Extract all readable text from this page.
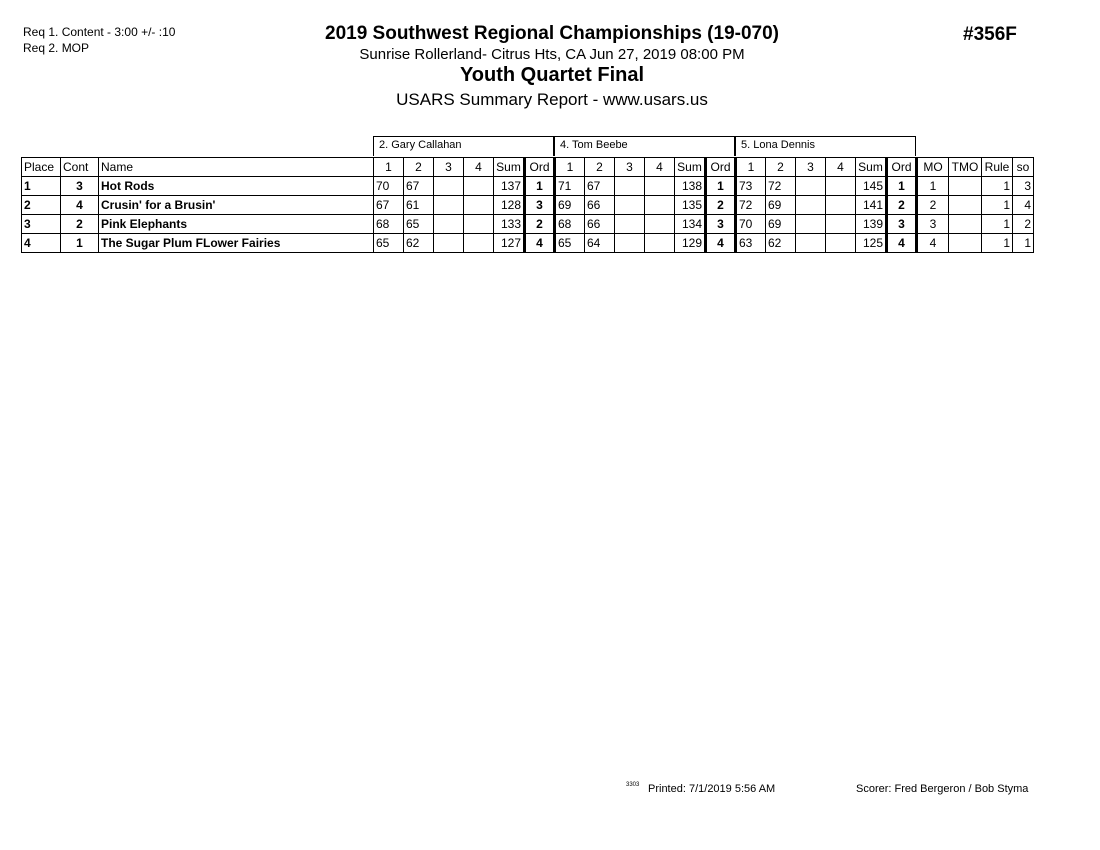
Req 1. Content - 3:00 +/- :10
Req 2. MOP
2019 Southwest Regional Championships (19-070)
Sunrise Rollerland- Citrus Hts, CA Jun 27, 2019 08:00 PM
Youth Quartet Final
USARS Summary Report - www.usars.us
#356F
2. Gary Callahan	4. Tom Beebe	5. Lona Dennis
Place	Cont	Name	1	2	3	4	Sum	Ord	1	2	3	4	Sum	Ord	1	2	3	4	Sum	Ord	MO	TMO	Rule	so
1	3	Hot Rods	70	67			137	1	71	67			138	1	73	72			145	1	1		1	3
2	4	Crusin' for a Brusin'	67	61			128	3	69	66			135	2	72	69			141	2	2		1	4
3	2	Pink Elephants	68	65			133	2	68	66			134	3	70	69			139	3	3		1	2
4	1	The Sugar Plum FLower Fairies	65	62			127	4	65	64			129	4	63	62			125	4	4		1	1
3303 Printed: 7/1/2019 5:56 AM	Scorer: Fred Bergeron / Bob Styma
